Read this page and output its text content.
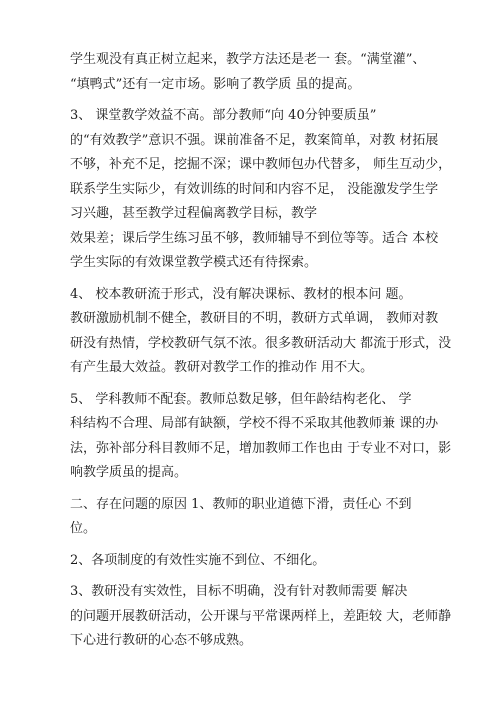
学生观没有真正树立起来，教学方法还是老一 套。“满堂灌”、
“填鸭式”还有一定市场。影响了教学质 虽的提高。

3、 课堂教学效益不高。部分教师“向 40分钟要质虽”
的“有效教学”意识不强。课前准备不足，教案简单，对教 材拓展
不够，补充不足，挖掘不深；课中教师包办代替多， 师生互动少，
联系学生实际少，有效训练的时间和内容不足， 没能激发学生学
习兴趣，甚至教学过程偏离教学目标，教学
效果差；课后学生练习虽不够，教师辅导不到位等等。适合 本校
学生实际的有效课堂教学模式还有待探索。

4、 校本教研流于形式，没有解决课标、教材的根本问 题。
教研激励机制不健全，教研目的不明，教研方式单调， 教师对教
研没有热情，学校教研气氛不浓。很多教研活动大 都流于形式，没
有产生最大效益。教研对教学工作的推动作 用不大。

5、 学科教师不配套。教师总数足够，但年龄结构老化、 学
科结构不合理、局部有缺额，学校不得不采取其他教师兼 课的办
法，弥补部分科目教师不足，增加教师工作也由 于专业不对口，影
响教学质虽的提高。

二、存在问题的原因 1、教师的职业道德下滑，责任心 不到
位。

2、各项制度的有效性实施不到位、不细化。

3、教研没有实效性，目标不明确，没有针对教师需要 解决
的问题开展教研活动，公开课与平常课两样上，差距较 大，老师静
下心进行教研的心态不够成熟。
